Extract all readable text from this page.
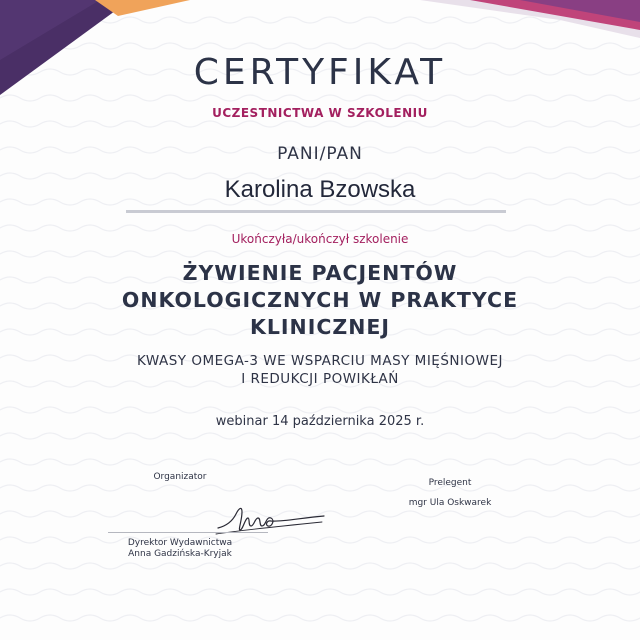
CERTYFIKAT
UCZESTNICTWA W SZKOLENIU
PANI/PAN
Karolina Bzowska
Ukończyła/ukończył szkolenie
ŻYWIENIE PACJENTÓW
ONKOLOGICZNYCH W PRAKTYCE
KLINICZNEJ
KWASY OMEGA-3 WE WSPARCIU MASY MIĘŚNIOWEJ
I REDUKCJI POWIKŁAŃ
webinar 14 października 2025 r.
Organizator
Dyrektor Wydawnictwa
Anna Gadzińska-Kryjak
Prelegent
mgr Ula Oskwarek
